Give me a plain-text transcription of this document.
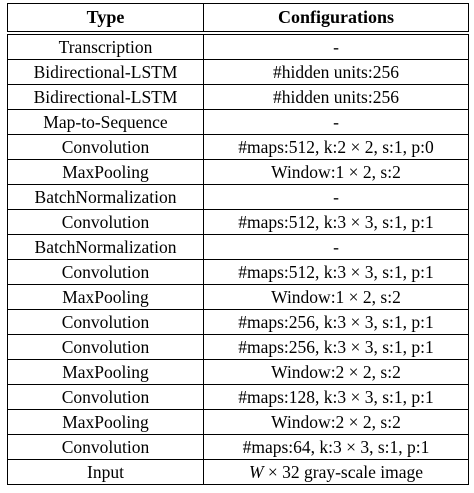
Type	Configurations
Transcription	-
Bidirectional-LSTM	#hidden units:256
Bidirectional-LSTM	#hidden units:256
Map-to-Sequence	-
Convolution	#maps:512, k:2 × 2, s:1, p:0
MaxPooling	Window:1 × 2, s:2
BatchNormalization	-
Convolution	#maps:512, k:3 × 3, s:1, p:1
BatchNormalization	-
Convolution	#maps:512, k:3 × 3, s:1, p:1
MaxPooling	Window:1 × 2, s:2
Convolution	#maps:256, k:3 × 3, s:1, p:1
Convolution	#maps:256, k:3 × 3, s:1, p:1
MaxPooling	Window:2 × 2, s:2
Convolution	#maps:128, k:3 × 3, s:1, p:1
MaxPooling	Window:2 × 2, s:2
Convolution	#maps:64, k:3 × 3, s:1, p:1
Input	W × 32 gray-scale image
